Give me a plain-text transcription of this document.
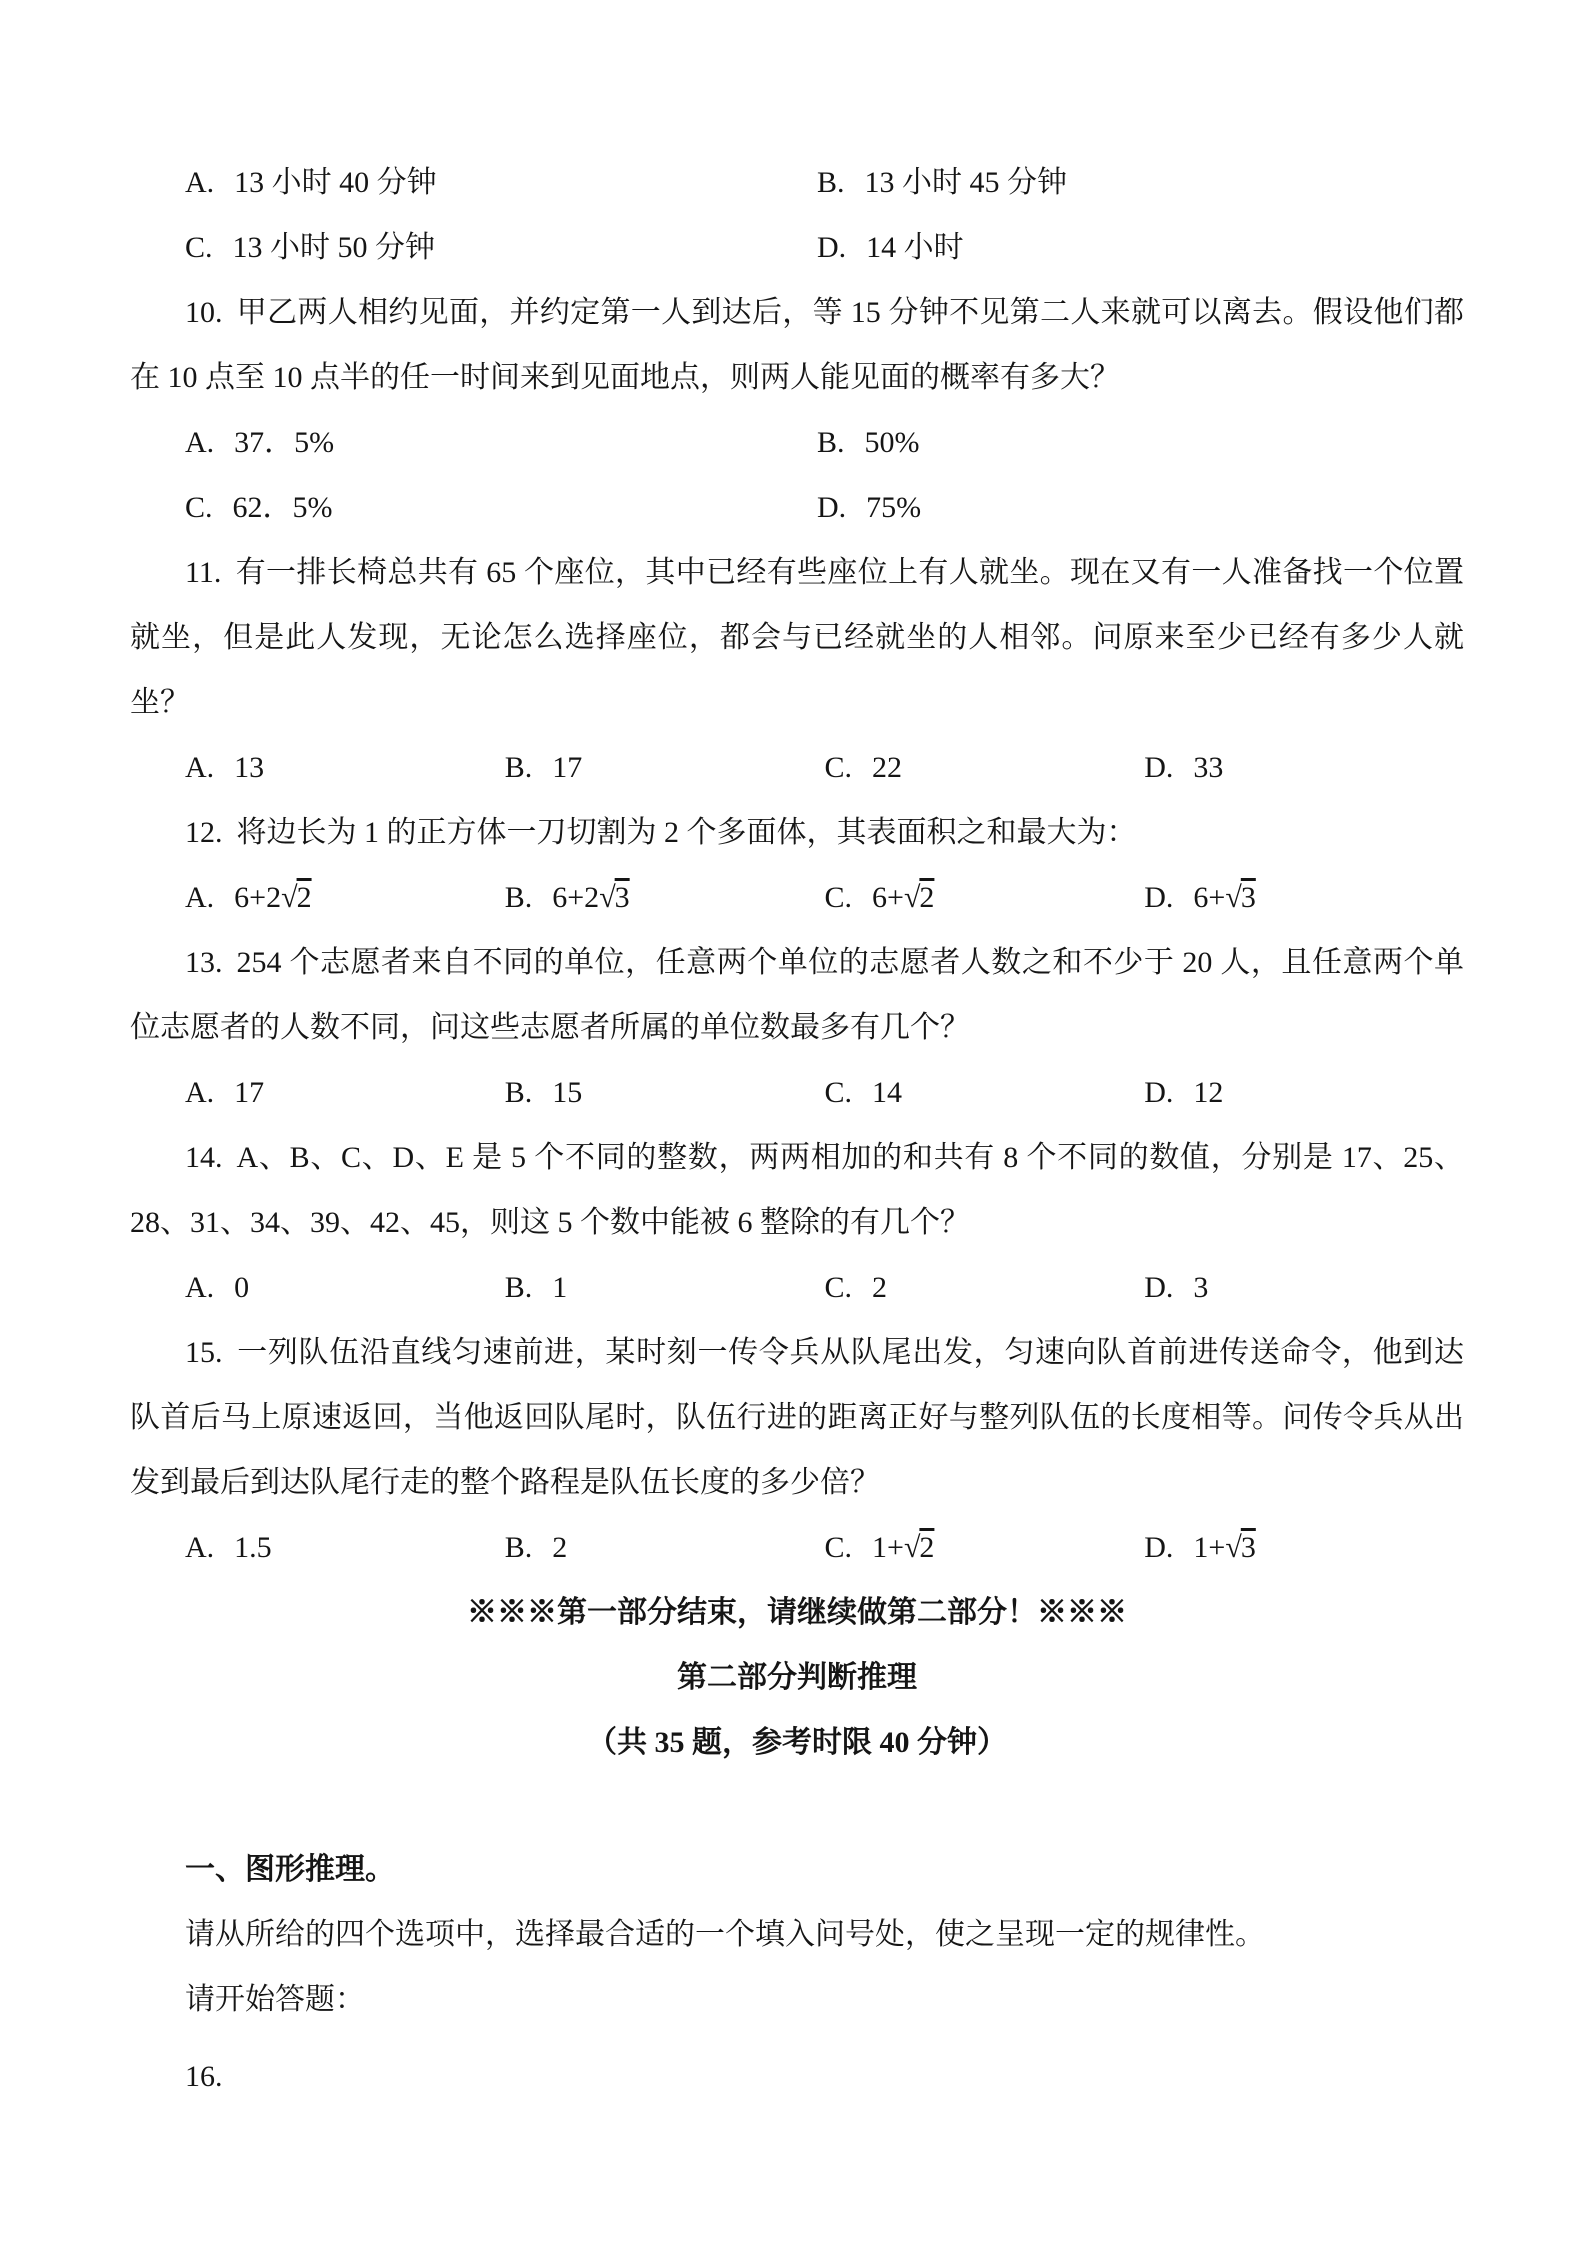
A. 13 小时 40 分钟	B. 13 小时 45 分钟
C. 13 小时 50 分钟	D. 14 小时

10. 甲乙两人相约见面，并约定第一人到达后，等 15 分钟不见第二人来就可以离去。假设他们都在 10 点至 10 点半的任一时间来到见面地点，则两人能见面的概率有多大？

A. 37．5%	B. 50%
C. 62．5%	D. 75%

11. 有一排长椅总共有 65 个座位，其中已经有些座位上有人就坐。现在又有一人准备找一个位置就坐，但是此人发现，无论怎么选择座位，都会与已经就坐的人相邻。问原来至少已经有多少人就坐？

A. 13	B. 17	C. 22	D. 33

12. 将边长为 1 的正方体一刀切割为 2 个多面体，其表面积之和最大为：

A. 6+2√2	B. 6+2√3	C. 6+√2	D. 6+√3

13. 254 个志愿者来自不同的单位，任意两个单位的志愿者人数之和不少于 20 人，且任意两个单位志愿者的人数不同，问这些志愿者所属的单位数最多有几个？

A. 17	B. 15	C. 14	D. 12

14. A、B、C、D、E 是 5 个不同的整数，两两相加的和共有 8 个不同的数值，分别是 17、25、28、31、34、39、42、45，则这 5 个数中能被 6 整除的有几个？

A. 0	B. 1	C. 2	D. 3

15. 一列队伍沿直线匀速前进，某时刻一传令兵从队尾出发，匀速向队首前进传送命令，他到达队首后马上原速返回，当他返回队尾时，队伍行进的距离正好与整列队伍的长度相等。问传令兵从出发到最后到达队尾行走的整个路程是队伍长度的多少倍？

A. 1.5	B. 2	C. 1+√2	D. 1+√3

※※※第一部分结束，请继续做第二部分！※※※

第二部分判断推理

（共 35 题，参考时限 40 分钟）

一、图形推理。

请从所给的四个选项中，选择最合适的一个填入问号处，使之呈现一定的规律性。

请开始答题：

16.
